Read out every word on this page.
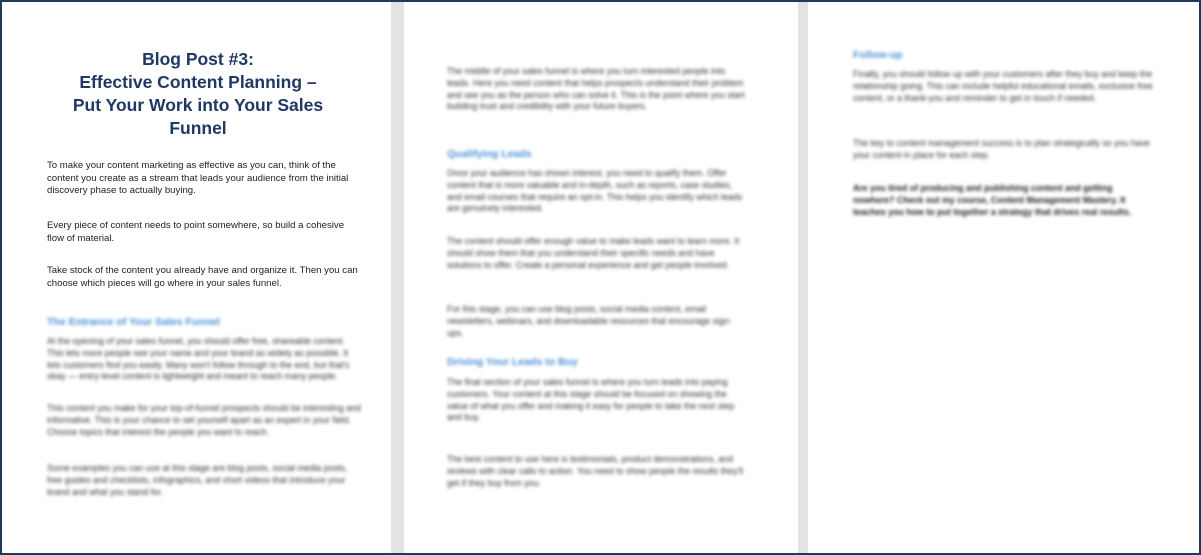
Blog Post #3:
Effective Content Planning –
Put Your Work into Your Sales
Funnel

To make your content marketing as effective as you can, think of the content you create as a stream that leads your audience from the initial discovery phase to actually buying.

Every piece of content needs to point somewhere, so build a cohesive flow of material.

Take stock of the content you already have and organize it. Then you can choose which pieces will go where in your sales funnel.

The Entrance of Your Sales Funnel

At the opening of your sales funnel, you should offer free, shareable content. This lets more people see your name and your brand as widely as possible. It lets customers find you easily. Many won't follow through to the end, but that's okay — entry-level content is lightweight and meant to reach many people.

This content you make for your top-of-funnel prospects should be interesting and informative. This is your chance to set yourself apart as an expert in your field. Choose topics that interest the people you want to reach.

Some examples you can use at this stage are blog posts, social media posts, free guides and checklists, infographics, and short videos that introduce your brand and what you stand for.

The middle of your sales funnel is where you turn interested people into leads. Here you need content that helps prospects understand their problem and see you as the person who can solve it. This is the point where you start building trust and credibility with your future buyers.

Qualifying Leads

Once your audience has shown interest, you need to qualify them. Offer content that is more valuable and in-depth, such as reports, case studies, and email courses that require an opt-in. This helps you identify which leads are genuinely interested.

The content should offer enough value to make leads want to learn more. It should show them that you understand their specific needs and have solutions to offer. Create a personal experience and get people involved.

For this stage, you can use blog posts, social media content, email newsletters, webinars, and downloadable resources that encourage sign-ups.

Driving Your Leads to Buy

The final section of your sales funnel is where you turn leads into paying customers. Your content at this stage should be focused on showing the value of what you offer and making it easy for people to take the next step and buy.

The best content to use here is testimonials, product demonstrations, and reviews with clear calls to action. You need to show people the results they'll get if they buy from you.

Follow-up

Finally, you should follow up with your customers after they buy and keep the relationship going. This can include helpful educational emails, exclusive free content, or a thank-you and reminder to get in touch if needed.

The key to content management success is to plan strategically so you have your content in place for each step.

Are you tired of producing and publishing content and getting nowhere? Check out my course, Content Management Mastery. It teaches you how to put together a strategy that drives real results.
